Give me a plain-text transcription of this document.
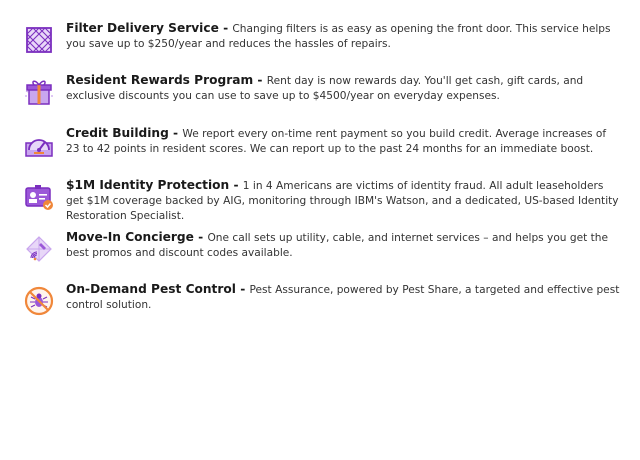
Filter Delivery Service - Changing filters is as easy as opening the front door. This service helps you save up to $250/year and reduces the hassles of repairs.
Resident Rewards Program - Rent day is now rewards day. You'll get cash, gift cards, and exclusive discounts you can use to save up to $4500/year on everyday expenses.
Credit Building - We report every on-time rent payment so you build credit. Average increases of 23 to 42 points in resident scores. We can report up to the past 24 months for an immediate boost.
$1M Identity Protection - 1 in 4 Americans are victims of identity fraud. All adult leaseholders get $1M coverage backed by AIG, monitoring through IBM's Watson, and a dedicated, US-based Identity Restoration Specialist.
Move-In Concierge - One call sets up utility, cable, and internet services – and helps you get the best promos and discount codes available.
On-Demand Pest Control - Pest Assurance, powered by Pest Share, a targeted and effective pest control solution.
